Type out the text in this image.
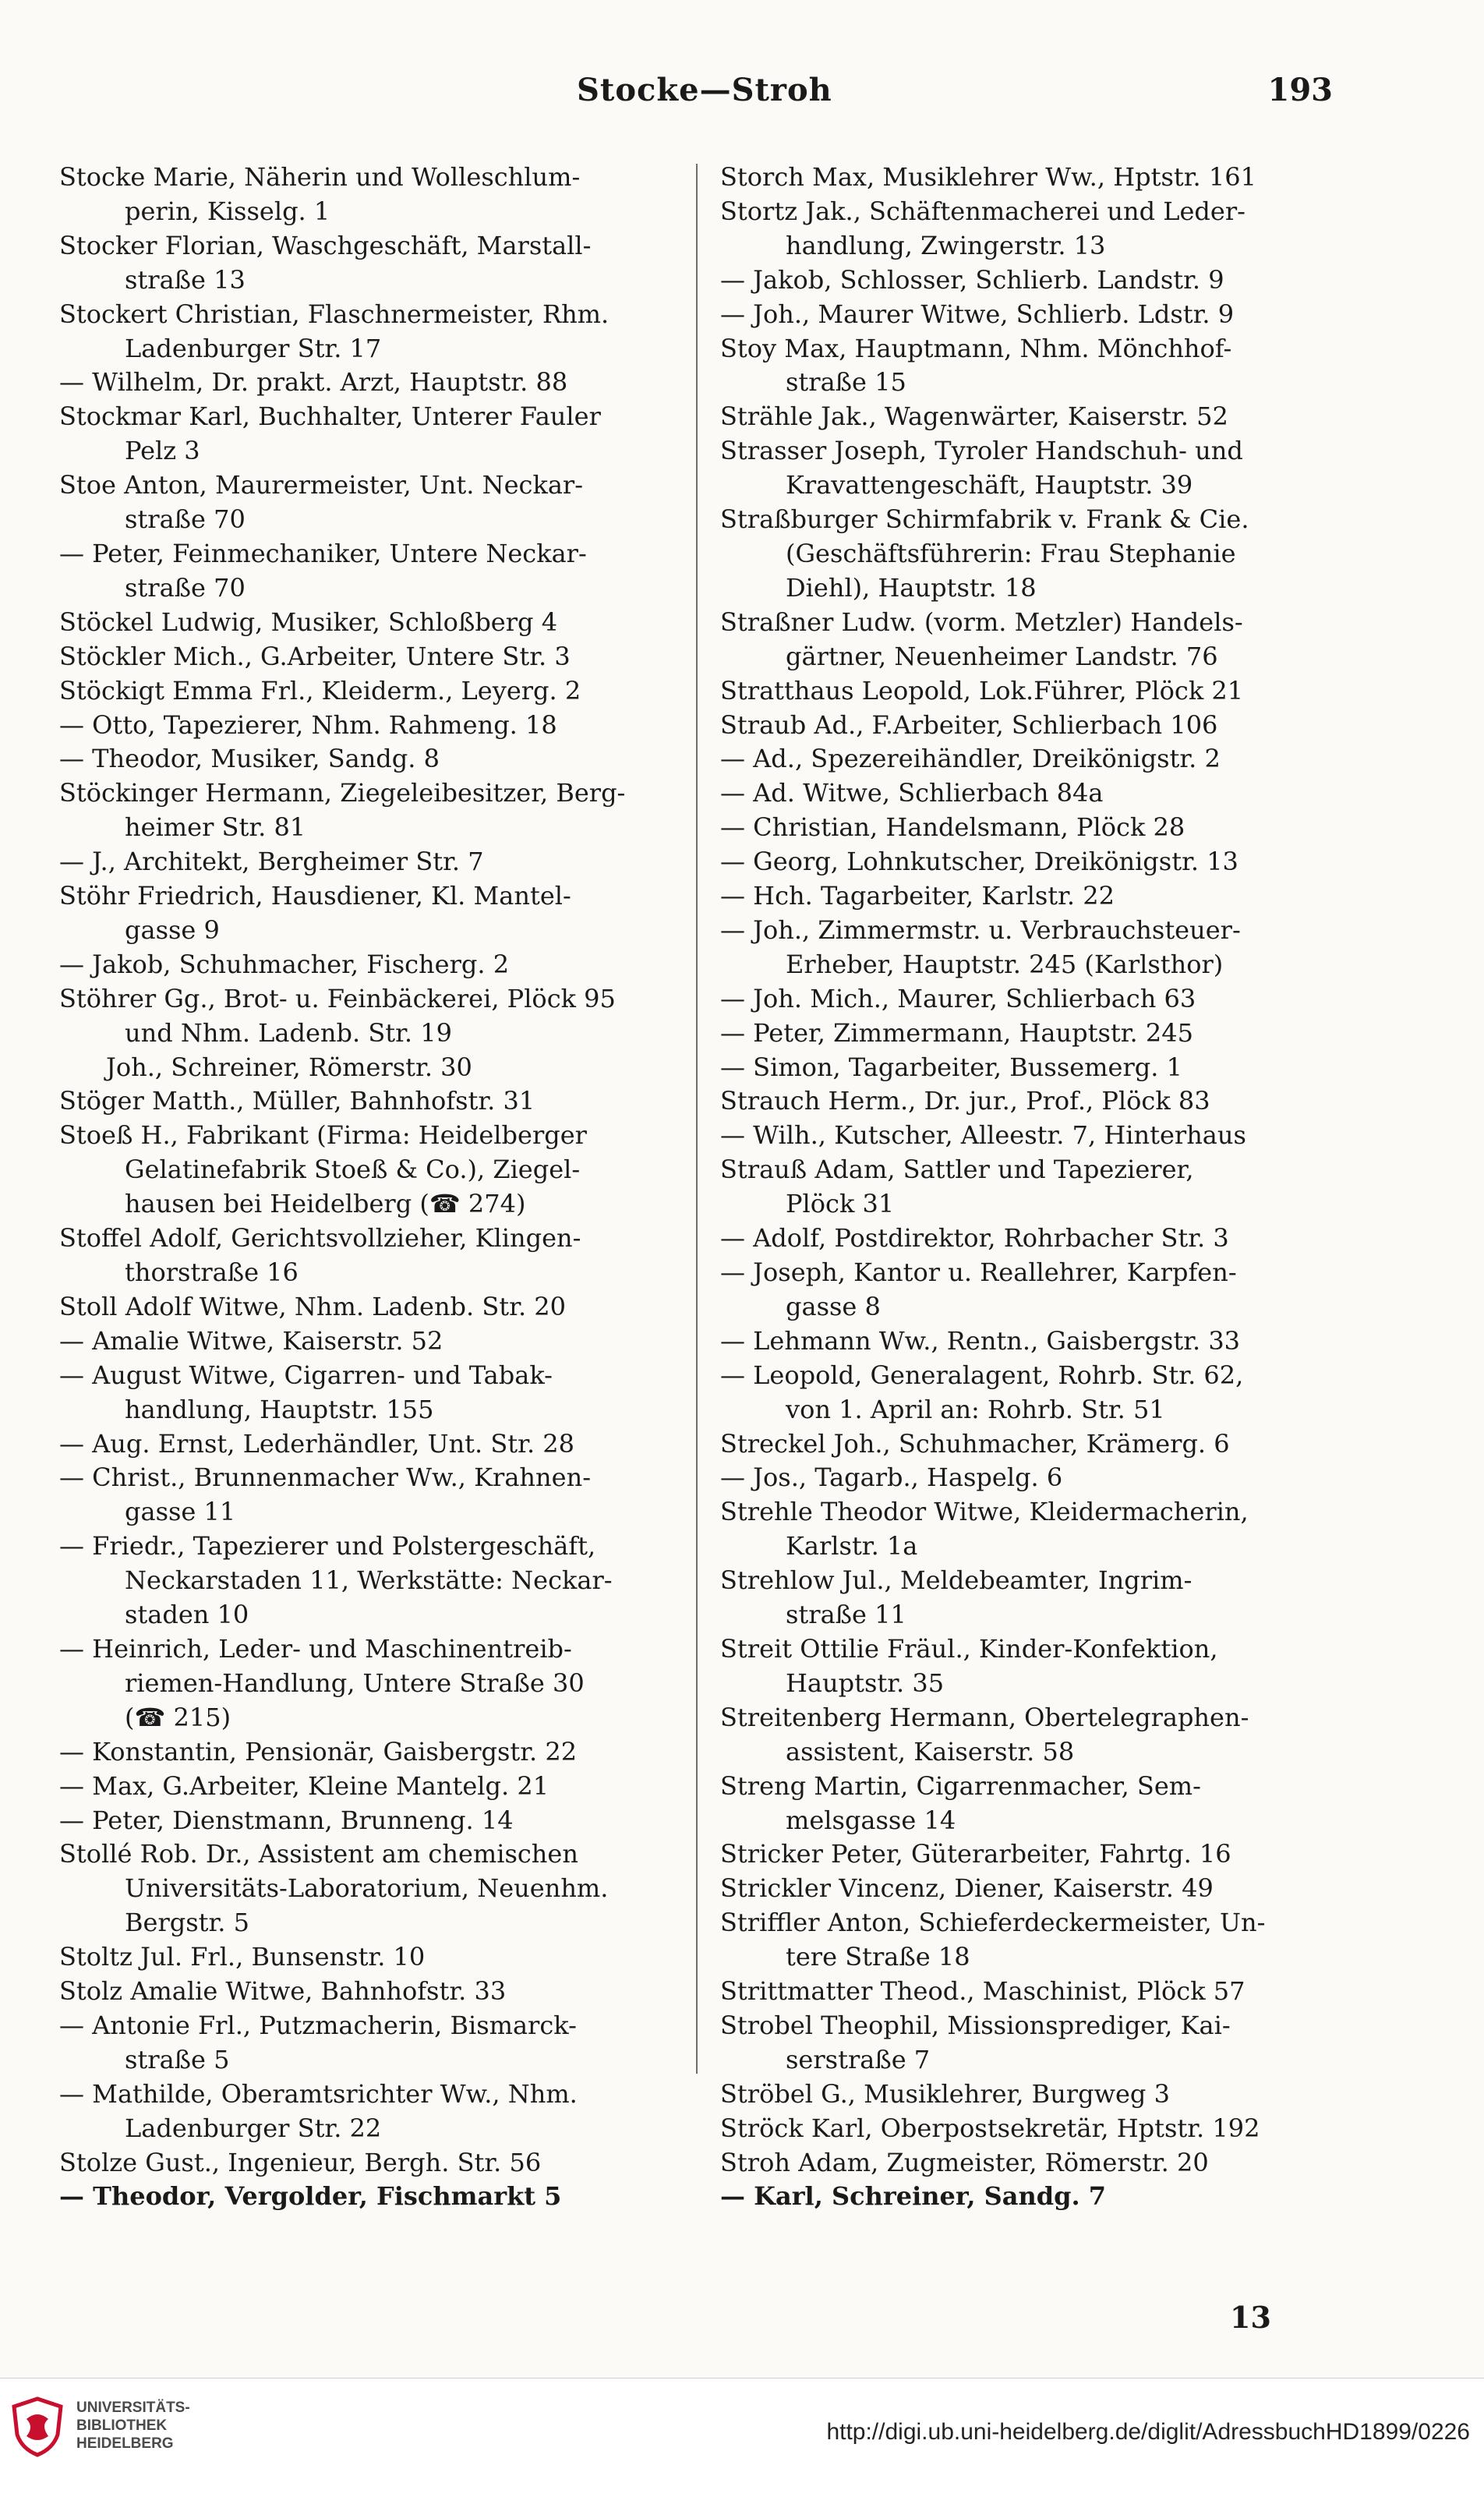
Stocke—Stroh	193

Stocke Marie, Näherin und Wolleschlum-
perin, Kisselg. 1

Stocker Florian, Waschgeschäft, Marstall-
straße 13

Stockert Christian, Flaschnermeister, Rhm.
Ladenburger Str. 17

— Wilhelm, Dr. prakt. Arzt, Hauptstr. 88

Stockmar Karl, Buchhalter, Unterer Fauler
Pelz 3

Stoe Anton, Maurermeister, Unt. Neckar-
straße 70

— Peter, Feinmechaniker, Untere Neckar-
straße 70

Stöckel Ludwig, Musiker, Schloßberg 4

Stöckler Mich., G.Arbeiter, Untere Str. 3

Stöckigt Emma Frl., Kleiderm., Leyerg. 2

— Otto, Tapezierer, Nhm. Rahmeng. 18

— Theodor, Musiker, Sandg. 8

Stöckinger Hermann, Ziegeleibesitzer, Berg-
heimer Str. 81

— J., Architekt, Bergheimer Str. 7

Stöhr Friedrich, Hausdiener, Kl. Mantel-
gasse 9

— Jakob, Schuhmacher, Fischerg. 2

Stöhrer Gg., Brot- u. Feinbäckerei, Plöck 95
und Nhm. Ladenb. Str. 19

Joh., Schreiner, Römerstr. 30

Stöger Matth., Müller, Bahnhofstr. 31

Stoeß H., Fabrikant (Firma: Heidelberger
Gelatinefabrik Stoeß & Co.), Ziegel-
hausen bei Heidelberg (☎ 274)

Stoffel Adolf, Gerichtsvollzieher, Klingen-
thorstraße 16

Stoll Adolf Witwe, Nhm. Ladenb. Str. 20

— Amalie Witwe, Kaiserstr. 52

— August Witwe, Cigarren- und Tabak-
handlung, Hauptstr. 155

— Aug. Ernst, Lederhändler, Unt. Str. 28

— Christ., Brunnenmacher Ww., Krahnen-
gasse 11

— Friedr., Tapezierer und Polstergeschäft,
Neckarstaden 11, Werkstätte: Neckar-
staden 10

— Heinrich, Leder- und Maschinentreib-
riemen-Handlung, Untere Straße 30
(☎ 215)

— Konstantin, Pensionär, Gaisbergstr. 22

— Max, G.Arbeiter, Kleine Mantelg. 21

— Peter, Dienstmann, Brunneng. 14

Stollé Rob. Dr., Assistent am chemischen
Universitäts-Laboratorium, Neuenhm.
Bergstr. 5

Stoltz Jul. Frl., Bunsenstr. 10

Stolz Amalie Witwe, Bahnhofstr. 33

— Antonie Frl., Putzmacherin, Bismarck-
straße 5

— Mathilde, Oberamtsrichter Ww., Nhm.
Ladenburger Str. 22

Stolze Gust., Ingenieur, Bergh. Str. 56

— Theodor, Vergolder, Fischmarkt 5

Storch Max, Musiklehrer Ww., Hptstr. 161

Stortz Jak., Schäftenmacherei und Leder-
handlung, Zwingerstr. 13

— Jakob, Schlosser, Schlierb. Landstr. 9

— Joh., Maurer Witwe, Schlierb. Ldstr. 9

Stoy Max, Hauptmann, Nhm. Mönchhof-
straße 15

Strähle Jak., Wagenwärter, Kaiserstr. 52

Strasser Joseph, Tyroler Handschuh- und
Kravattengeschäft, Hauptstr. 39

Straßburger Schirmfabrik v. Frank & Cie.
(Geschäftsführerin: Frau Stephanie
Diehl), Hauptstr. 18

Straßner Ludw. (vorm. Metzler) Handels-
gärtner, Neuenheimer Landstr. 76

Stratthaus Leopold, Lok.Führer, Plöck 21

Straub Ad., F.Arbeiter, Schlierbach 106

— Ad., Spezereihändler, Dreikönigstr. 2

— Ad. Witwe, Schlierbach 84a

— Christian, Handelsmann, Plöck 28

— Georg, Lohnkutscher, Dreikönigstr. 13

— Hch. Tagarbeiter, Karlstr. 22

— Joh., Zimmermstr. u. Verbrauchsteuer-
Erheber, Hauptstr. 245 (Karlsthor)

— Joh. Mich., Maurer, Schlierbach 63

— Peter, Zimmermann, Hauptstr. 245

— Simon, Tagarbeiter, Bussemerg. 1

Strauch Herm., Dr. jur., Prof., Plöck 83

— Wilh., Kutscher, Alleestr. 7, Hinterhaus

Strauß Adam, Sattler und Tapezierer,
Plöck 31

— Adolf, Postdirektor, Rohrbacher Str. 3

— Joseph, Kantor u. Reallehrer, Karpfen-
gasse 8

— Lehmann Ww., Rentn., Gaisbergstr. 33

— Leopold, Generalagent, Rohrb. Str. 62,
von 1. April an: Rohrb. Str. 51

Streckel Joh., Schuhmacher, Krämerg. 6

— Jos., Tagarb., Haspelg. 6

Strehle Theodor Witwe, Kleidermacherin,
Karlstr. 1a

Strehlow Jul., Meldebeamter, Ingrim-
straße 11

Streit Ottilie Fräul., Kinder-Konfektion,
Hauptstr. 35

Streitenberg Hermann, Obertelegraphen-
assistent, Kaiserstr. 58

Streng Martin, Cigarrenmacher, Sem-
melsgasse 14

Stricker Peter, Güterarbeiter, Fahrtg. 16

Strickler Vincenz, Diener, Kaiserstr. 49

Striffler Anton, Schieferdeckermeister, Un-
tere Straße 18

Strittmatter Theod., Maschinist, Plöck 57

Strobel Theophil, Missionsprediger, Kai-
serstraße 7

Ströbel G., Musiklehrer, Burgweg 3

Ströck Karl, Oberpostsekretär, Hptstr. 192

Stroh Adam, Zugmeister, Römerstr. 20

— Karl, Schreiner, Sandg. 7

13
UNIVERSITÄTS-
BIBLIOTHEK
HEIDELBERG	http://digi.ub.uni-heidelberg.de/diglit/AdressbuchHD1899/0226
